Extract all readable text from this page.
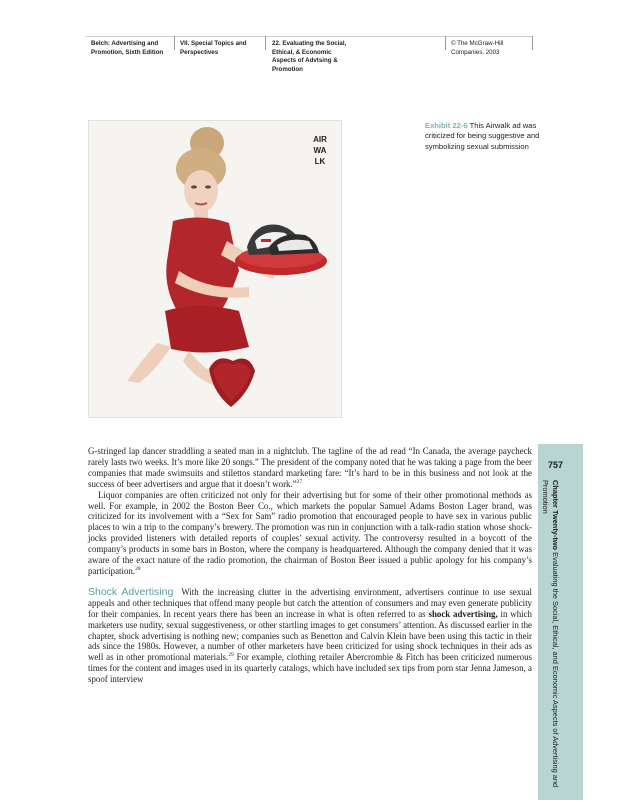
Belch: Advertising and
Promotion, Sixth Edition
VII. Special Topics and
Perspectives
22. Evaluating the Social,
Ethical, & Economic
Aspects of Advtsing &
Promotion
© The McGraw-Hill
Companies, 2003
AIRWALK
Exhibit 22-6 This Airwalk ad was criticized for being suggestive and symbolizing sexual submission
757
Chapter Twenty-two Evaluating the Social, Ethical, and Economic Aspects of Advertising and Promotion

G-stringed lap dancer straddling a seated man in a nightclub. The tagline of the ad read “In Canada, the average paycheck rarely lasts two weeks. It’s more like 20 songs.” The president of the company noted that he was taking a page from the beer companies that made swimsuits and stilettos standard marketing fare: “It’s hard to be in this business and not look at the success of beer advertisers and argue that it doesn’t work.”$^{27}$

Liquor companies are often criticized not only for their advertising but for some of their other promotional methods as well. For example, in 2002 the Boston Beer Co., which markets the popular Samuel Adams Boston Lager brand, was criticized for its involvement with a “Sex for Sam” radio promotion that encouraged people to have sex in various public places to win a trip to the company’s brewery. The promotion was run in conjunction with a talk-radio station whose shock-jocks provided listeners with detailed reports of couples’ sexual activity. The controversy resulted in a boycott of the company’s products in some bars in Boston, where the company is headquartered. Although the company denied that it was aware of the exact nature of the radio promotion, the chairman of Boston Beer issued a public apology for his company’s participation.$^{28}$

Shock Advertising With the increasing clutter in the advertising environment, advertisers continue to use sexual appeals and other techniques that offend many people but catch the attention of consumers and may even generate publicity for their companies. In recent years there has been an increase in what is often referred to as shock advertising, in which marketers use nudity, sexual suggestiveness, or other startling images to get consumers’ attention. As discussed earlier in the chapter, shock advertising is nothing new; companies such as Benetton and Calvin Klein have been using this tactic in their ads since the 1980s. However, a number of other marketers have been criticized for using shock techniques in their ads as well as in other promotional materials.$^{29}$ For example, clothing retailer Abercrombie & Fitch has been criticized numerous times for the content and images used in its quarterly catalogs, which have included sex tips from porn star Jenna Jameson, a spoof interview
